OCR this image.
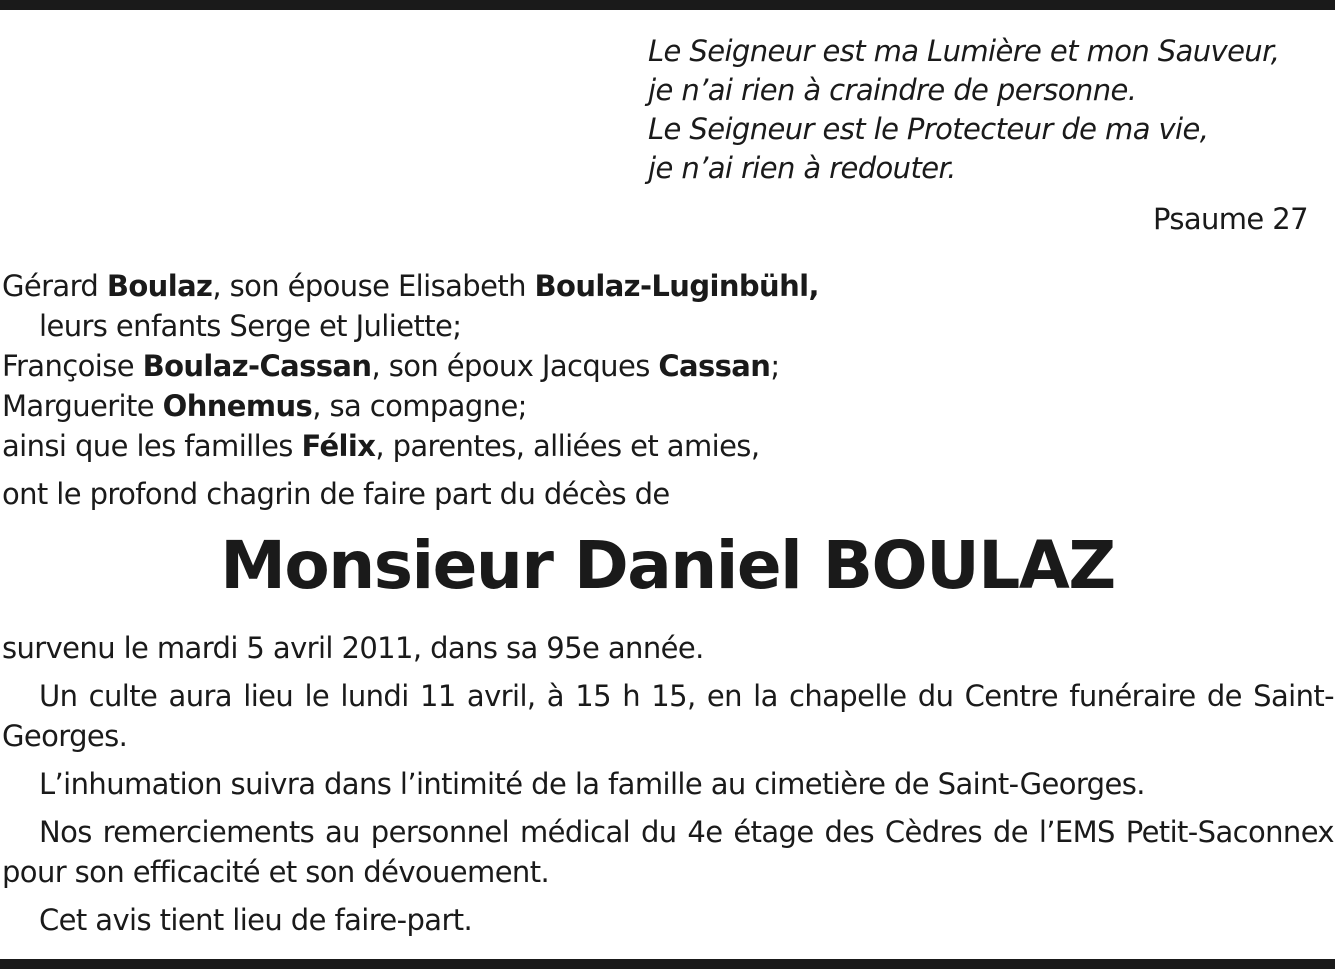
Le Seigneur est ma Lumière et mon Sauveur,
je n’ai rien à craindre de personne.
Le Seigneur est le Protecteur de ma vie,
je n’ai rien à redouter.
Psaume 27
Gérard Boulaz, son épouse Elisabeth Boulaz-Luginbühl,
leurs enfants Serge et Juliette;
Françoise Boulaz-Cassan, son époux Jacques Cassan;
Marguerite Ohnemus, sa compagne;
ainsi que les familles Félix, parentes, alliées et amies,
ont le profond chagrin de faire part du décès de
Monsieur Daniel BOULAZ

survenu le mardi 5 avril 2011, dans sa 95e année.

Un culte aura lieu le lundi 11 avril, à 15 h 15, en la chapelle du Centre funéraire de Saint-Georges.

L’inhumation suivra dans l’intimité de la famille au cimetière de Saint-Georges.

Nos remerciements au personnel médical du 4e étage des Cèdres de l’EMS Petit-Saconnex pour son efficacité et son dévouement.

Cet avis tient lieu de faire-part.
